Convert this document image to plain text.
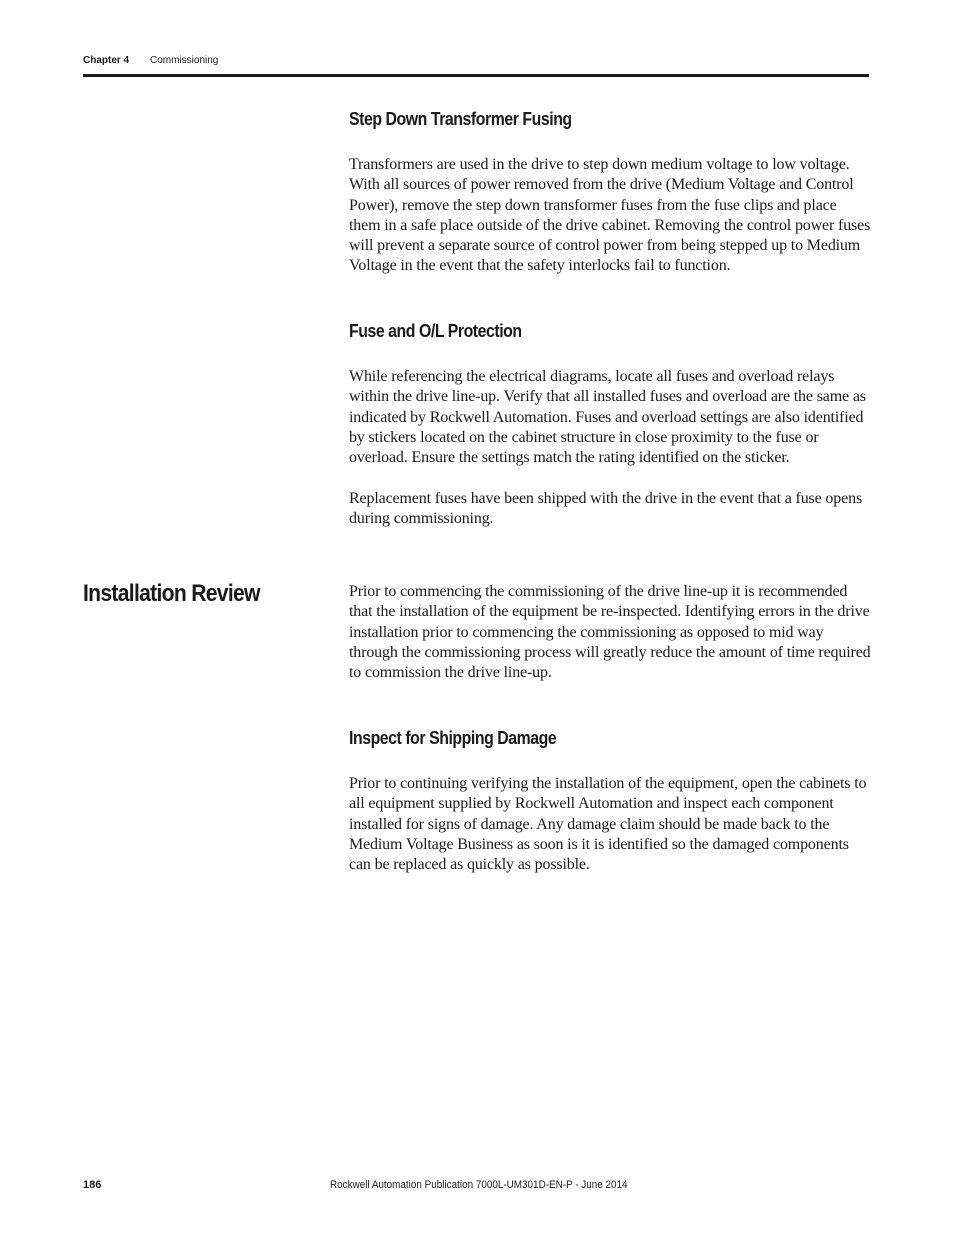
Chapter 4 Commissioning
Step Down Transformer Fusing
Transformers are used in the drive to step down medium voltage to low voltage. With all sources of power removed from the drive (Medium Voltage and Control Power), remove the step down transformer fuses from the fuse clips and place them in a safe place outside of the drive cabinet. Removing the control power fuses will prevent a separate source of control power from being stepped up to Medium Voltage in the event that the safety interlocks fail to function.
Fuse and O/L Protection
While referencing the electrical diagrams, locate all fuses and overload relays within the drive line-up. Verify that all installed fuses and overload are the same as indicated by Rockwell Automation. Fuses and overload settings are also identified by stickers located on the cabinet structure in close proximity to the fuse or overload. Ensure the settings match the rating identified on the sticker.
Replacement fuses have been shipped with the drive in the event that a fuse opens during commissioning.
Installation Review	Prior to commencing the commissioning of the drive line-up it is recommended that the installation of the equipment be re-inspected. Identifying errors in the drive installation prior to commencing the commissioning as opposed to mid way through the commissioning process will greatly reduce the amount of time required to commission the drive line-up.
Inspect for Shipping Damage
Prior to continuing verifying the installation of the equipment, open the cabinets to all equipment supplied by Rockwell Automation and inspect each component installed for signs of damage. Any damage claim should be made back to the Medium Voltage Business as soon is it is identified so the damaged components can be replaced as quickly as possible.
186	Rockwell Automation Publication 7000L-UM301D-EN-P - June 2014
